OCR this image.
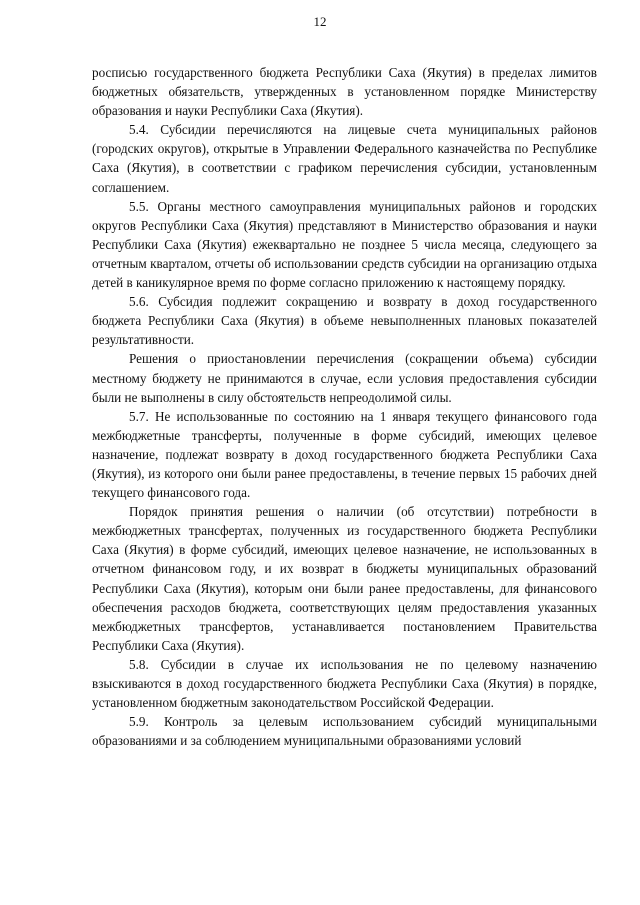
12

росписью государственного бюджета Республики Саха (Якутия) в пределах лимитов бюджетных обязательств, утвержденных в установленном порядке Министерству образования и науки Республики Саха (Якутия).

5.4. Субсидии перечисляются на лицевые счета муниципальных районов (городских округов), открытые в Управлении Федерального казначейства по Республике Саха (Якутия), в соответствии с графиком перечисления субсидии, установленным соглашением.

5.5. Органы местного самоуправления муниципальных районов и городских округов Республики Саха (Якутия) представляют в Министерство образования и науки Республики Саха (Якутия) ежеквартально не позднее 5 числа месяца, следующего за отчетным кварталом, отчеты об использовании средств субсидии на организацию отдыха детей в каникулярное время по форме согласно приложению к настоящему порядку.

5.6. Субсидия подлежит сокращению и возврату в доход государственного бюджета Республики Саха (Якутия) в объеме невыполненных плановых показателей результативности.

Решения о приостановлении перечисления (сокращении объема) субсидии местному бюджету не принимаются в случае, если условия предоставления субсидии были не выполнены в силу обстоятельств непреодолимой силы.

5.7. Не использованные по состоянию на 1 января текущего финансового года межбюджетные трансферты, полученные в форме субсидий, имеющих целевое назначение, подлежат возврату в доход государственного бюджета Республики Саха (Якутия), из которого они были ранее предоставлены, в течение первых 15 рабочих дней текущего финансового года.

Порядок принятия решения о наличии (об отсутствии) потребности в межбюджетных трансфертах, полученных из государственного бюджета Республики Саха (Якутия) в форме субсидий, имеющих целевое назначение, не использованных в отчетном финансовом году, и их возврат в бюджеты муниципальных образований Республики Саха (Якутия), которым они были ранее предоставлены, для финансового обеспечения расходов бюджета, соответствующих целям предоставления указанных межбюджетных трансфертов, устанавливается постановлением Правительства Республики Саха (Якутия).

5.8. Субсидии в случае их использования не по целевому назначению взыскиваются в доход государственного бюджета Республики Саха (Якутия) в порядке, установленном бюджетным законодательством Российской Федерации.

5.9. Контроль за целевым использованием субсидий муниципальными образованиями и за соблюдением муниципальными образованиями условий
